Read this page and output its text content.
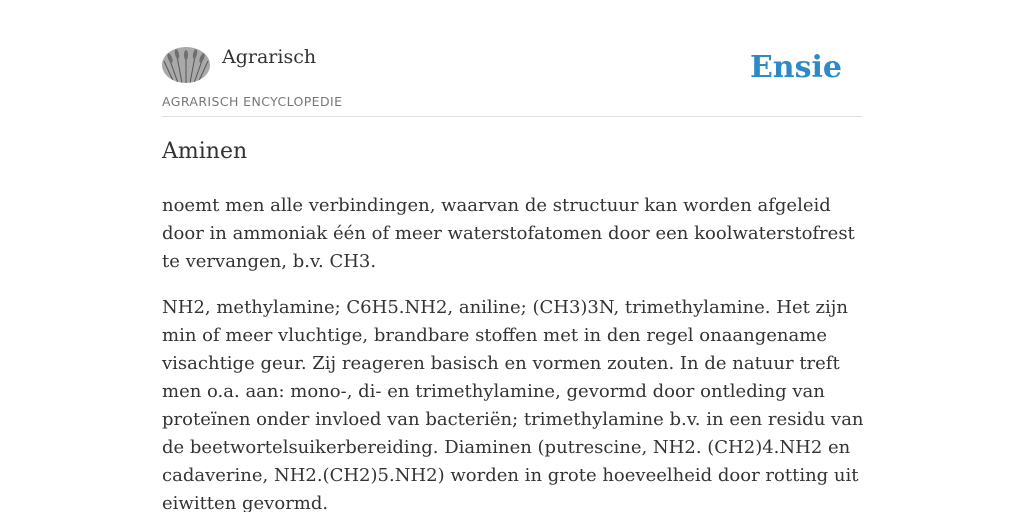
Agrarisch
AGRARISCH ENCYCLOPEDIE
Ensie
Aminen

noemt men alle verbindingen, waarvan de structuur kan worden afgeleid door in ammoniak één of meer waterstofatomen door een koolwaterstofrest te vervangen, b.v. CH3.

NH2, methylamine; C6H5.NH2, aniline; (CH3)3N, trimethylamine. Het zijn min of meer vluchtige, brandbare stoffen met in den regel onaangename visachtige geur. Zij reageren basisch en vormen zouten. In de natuur treft men o.a. aan: mono-, di- en trimethylamine, gevormd door ontleding van proteïnen onder invloed van bacteriën; trimethylamine b.v. in een residu van de beetwortelsuikerbereiding. Diaminen (putrescine, NH2. (CH2)4.NH2 en cadaverine, NH2.(CH2)5.NH2) worden in grote hoeveelheid door rotting uit eiwitten gevormd.
